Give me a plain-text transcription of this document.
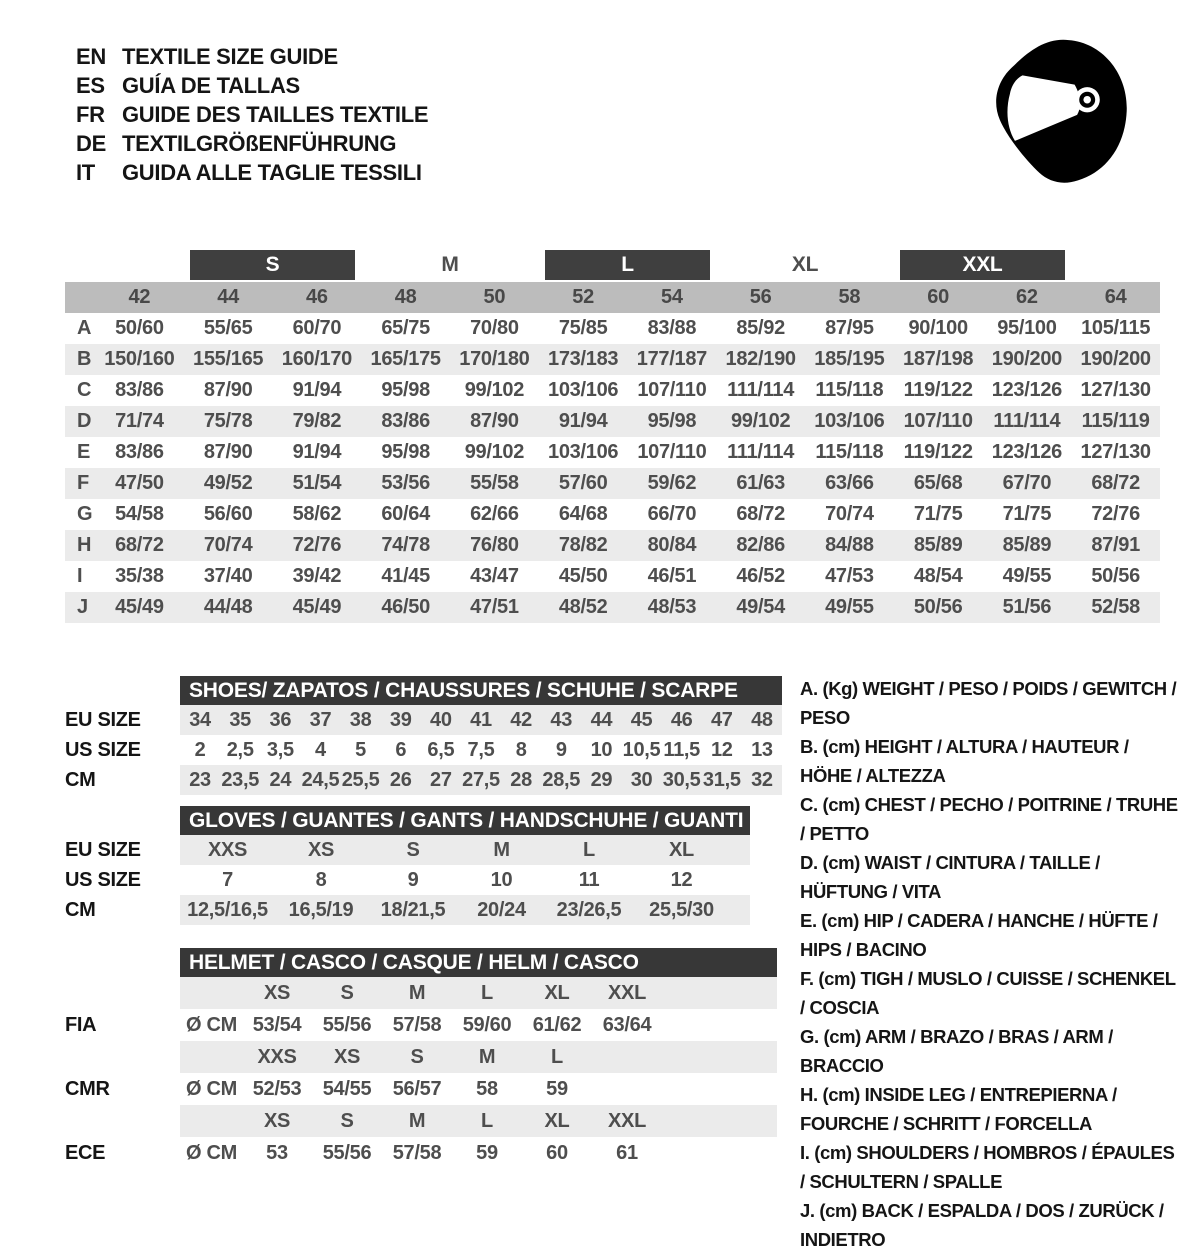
EN TEXTILE SIZE GUIDE
ES GUÍA DE TALLAS
FR GUIDE DES TAILLES TEXTILE
DE TEXTILGRÖßENFÜHRUNG
IT	GUIDA ALLE TAGLIE TESSILI
S	M	L	XL	XXL
42	44	46	48	50	52	54	56	58	60	62	64
A	50/60	55/65	60/70	65/75	70/80	75/85	83/88	85/92	87/95	90/100	95/100	105/115
B 150/160 155/165 160/170 165/175 170/180 173/183 177/187 182/190 185/195 187/198 190/200 190/200
C	83/86	87/90	91/94	95/98	99/102	103/106 107/110	111/114	115/118	119/122 123/126 127/130
D	71/74	75/78	79/82	83/86	87/90	91/94	95/98	99/102	103/106 107/110	111/114	115/119
E	83/86	87/90	91/94	95/98	99/102	103/106 107/110	111/114	115/118	119/122 123/126 127/130
F	47/50	49/52	51/54	53/56	55/58	57/60	59/62	61/63	63/66	65/68	67/70	68/72
G	54/58	56/60	58/62	60/64	62/66	64/68	66/70	68/72	70/74	71/75	71/75	72/76
H	68/72	70/74	72/76	74/78	76/80	78/82	80/84	82/86	84/88	85/89	85/89	87/91
I	35/38	37/40	39/42	41/45	43/47	45/50	46/51	46/52	47/53	48/54	49/55	50/56
J	45/49	44/48	45/49	46/50	47/51	48/52	48/53	49/54	49/55	50/56	51/56	52/58
SHOES/ ZAPATOS / CHAUSSURES / SCHUHE / SCARPE
EU SIZE	34 35 36 37 38 39 40 41 42 43 44 45 46 47 48
US SIZE	2	2,5 3,5	4	5	6	6,5 7,5	8	9	10 10,5 11,5 12 13
CM	23 23,5 24 24,5 25,5 26 27 27,5 28 28,5 29 30 30,5 31,5 32
GLOVES / GUANTES / GANTS / HANDSCHUHE / GUANTI
EU SIZE	XXS	XS	S	M	L	XL
US SIZE	7	8	9	10	11	12
CM	12,5/16,5	16,5/19	18/21,5	20/24	23/26,5	25,5/30
HELMET / CASCO / CASQUE / HELM / CASCO
XS	S	M	L	XL	XXL
FIA	Ø CM 53/54	55/56	57/58	59/60	61/62	63/64
XXS	XS	S	M	L
CMR	Ø CM 52/53	54/55	56/57	58	59
XS	S	M	L	XL	XXL
ECE	Ø CM	53	55/56	57/58	59	60	61
A. (Kg) WEIGHT / PESO / POIDS / GEWITCH / PESO
B. (cm) HEIGHT / ALTURA / HAUTEUR / HÖHE / ALTEZZA
C. (cm) CHEST / PECHO / POITRINE / TRUHE / PETTO
D. (cm) WAIST / CINTURA / TAILLE / HÜFTUNG / VITA
E. (cm) HIP / CADERA / HANCHE / HÜFTE / HIPS / BACINO
F. (cm) TIGH / MUSLO / CUISSE / SCHENKEL / COSCIA
G. (cm) ARM / BRAZO / BRAS / ARM / BRACCIO
H. (cm) INSIDE LEG / ENTREPIERNA / FOURCHE / SCHRITT / FORCELLA
I. (cm) SHOULDERS / HOMBROS / ÉPAULES / SCHULTERN / SPALLE
J. (cm) BACK / ESPALDA / DOS / ZURÜCK / INDIETRO
